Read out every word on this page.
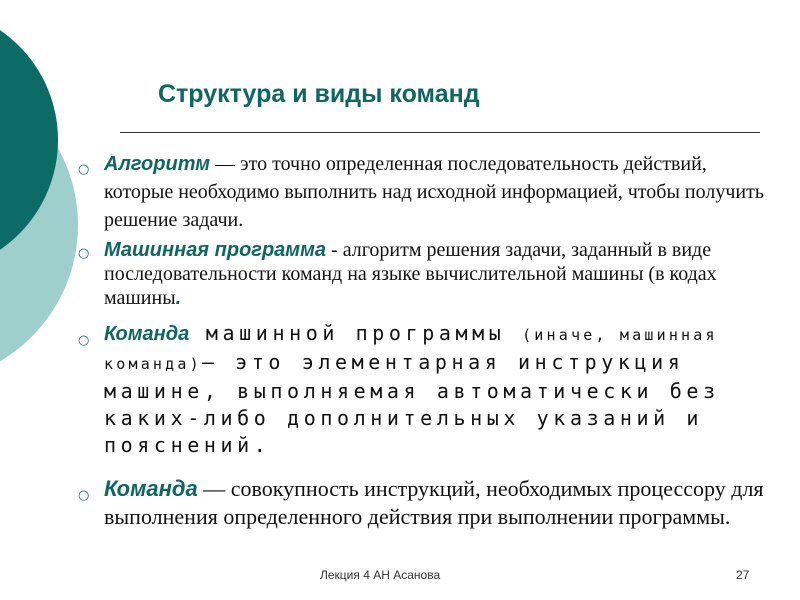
Структура и виды команд

○ Алгоритм — это точно определенная последовательность действий, которые необходимо выполнить над исходной информацией, чтобы получить решение задачи.

○ Машинная программа - алгоритм решения задачи, заданный в виде последовательности команд на языке вычислительной машины (в кодах машины.

○ Команда машинной программы (иначе, машинная команда)— это элементарная инструкция машине, выполняемая автоматически без каких-либо дополнительных указаний и пояснений.

○ Команда — совокупность инструкций, необходимых процессору для выполнения определенного действия при выполнении программы.

Лекция 4 АН Асанова	27
